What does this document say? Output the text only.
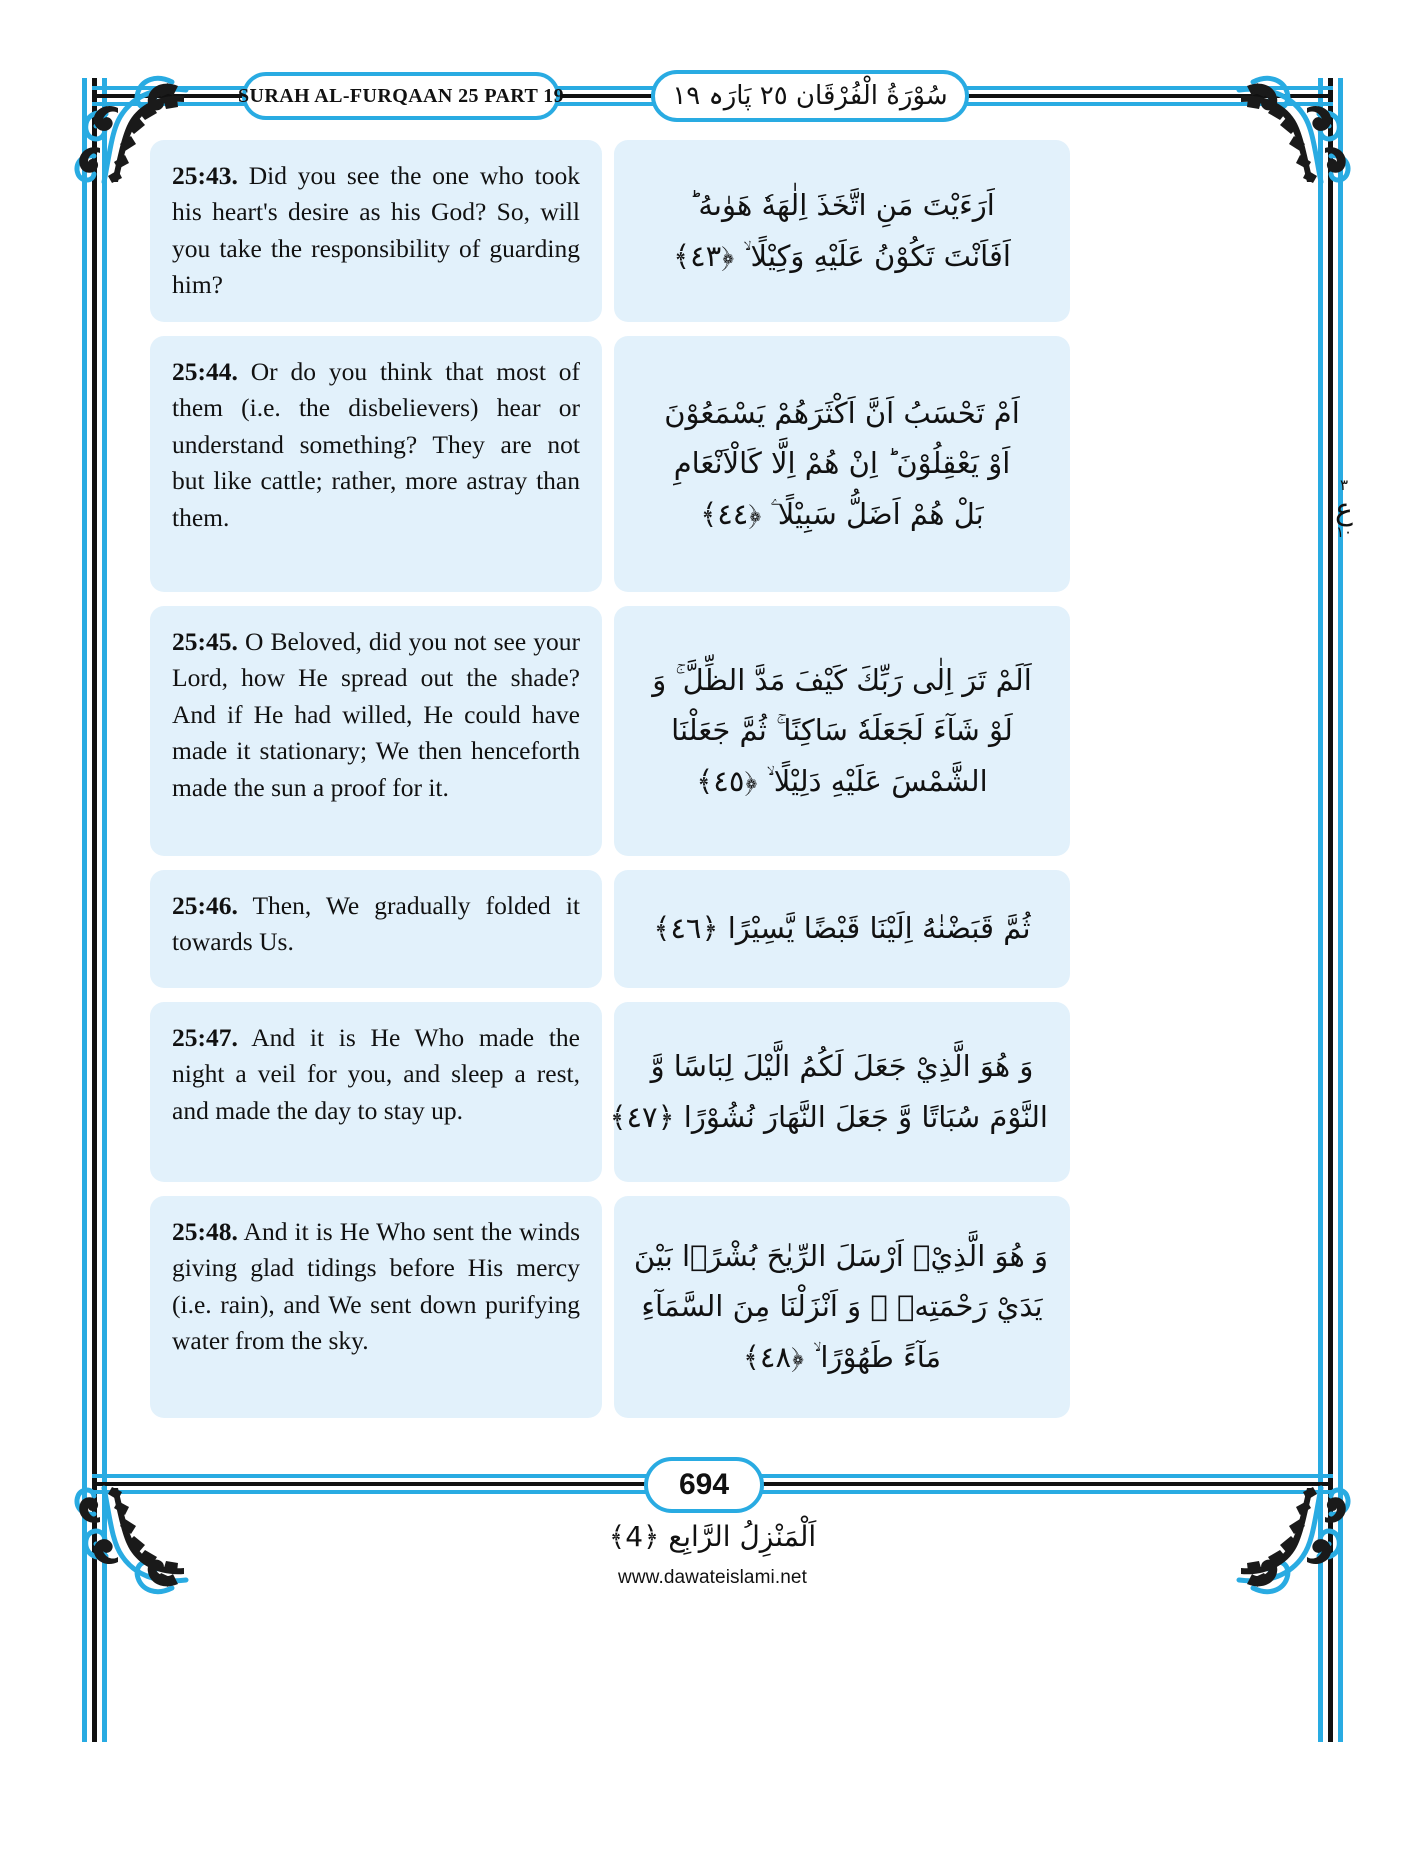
SURAH AL-FURQAAN 25 PART 19	سُوْرَةُ الْفُرْقَان ٢٥ پَارَہ ١٩
25:43. Did you see the one who took his heart's desire as his God? So, will you take the responsibility of guarding him?
اَرَءَيْتَ مَنِ اتَّخَذَ اِلٰهَهٗ هَوٰىهُ ؕ
اَفَاَنْتَ تَكُوْنُ عَلَيْهِ وَكِيْلًا ۙ ﴿٤٣﴾
25:44. Or do you think that most of them (i.e. the disbelievers) hear or understand something? They are not but like cattle; rather, more astray than them.
اَمْ تَحْسَبُ اَنَّ اَكْثَرَهُمْ يَسْمَعُوْنَ
اَوْ يَعْقِلُوْنَ ؕ اِنْ هُمْ اِلَّا كَالْاَنْعَامِ
بَلْ هُمْ اَضَلُّ سَبِيْلًا ۧ ﴿٤٤﴾
25:45. O Beloved, did you not see your Lord, how He spread out the shade? And if He had willed, He could have made it stationary; We then henceforth made the sun a proof for it.
اَلَمْ تَرَ اِلٰى رَبِّكَ كَيْفَ مَدَّ الظِّلَّ ۚ وَ
لَوْ شَآءَ لَجَعَلَهٗ سَاكِنًا ۚ ثُمَّ جَعَلْنَا
الشَّمْسَ عَلَيْهِ دَلِيْلًا ۙ ﴿٤٥﴾
25:46. Then, We gradually folded it towards Us.	ثُمَّ قَبَضْنٰهُ اِلَيْنَا قَبْضًا يَّسِيْرًا ﴿٤٦﴾
25:47. And it is He Who made the night a veil for you, and sleep a rest, and made the day to stay up.
وَ هُوَ الَّذِيْ جَعَلَ لَكُمُ الَّيْلَ لِبَاسًا وَّ
النَّوْمَ سُبَاتًا وَّ جَعَلَ النَّهَارَ نُشُوْرًا ﴿٤٧﴾
25:48. And it is He Who sent the winds giving glad tidings before His mercy (i.e. rain), and We sent down purifying water from the sky.
وَ هُوَ الَّذِيْۤ اَرْسَلَ الرِّيٰحَ بُشْرًۢا بَيْنَ
يَدَيْ رَحْمَتِهٖ ۚ وَ اَنْزَلْنَا مِنَ السَّمَآءِ
مَآءً طَهُوْرًا ۙ ﴿٤٨﴾
٣
ع
١٠
694
اَلْمَنْزِلُ الرَّابِع ﴿4﴾
www.dawateislami.net
